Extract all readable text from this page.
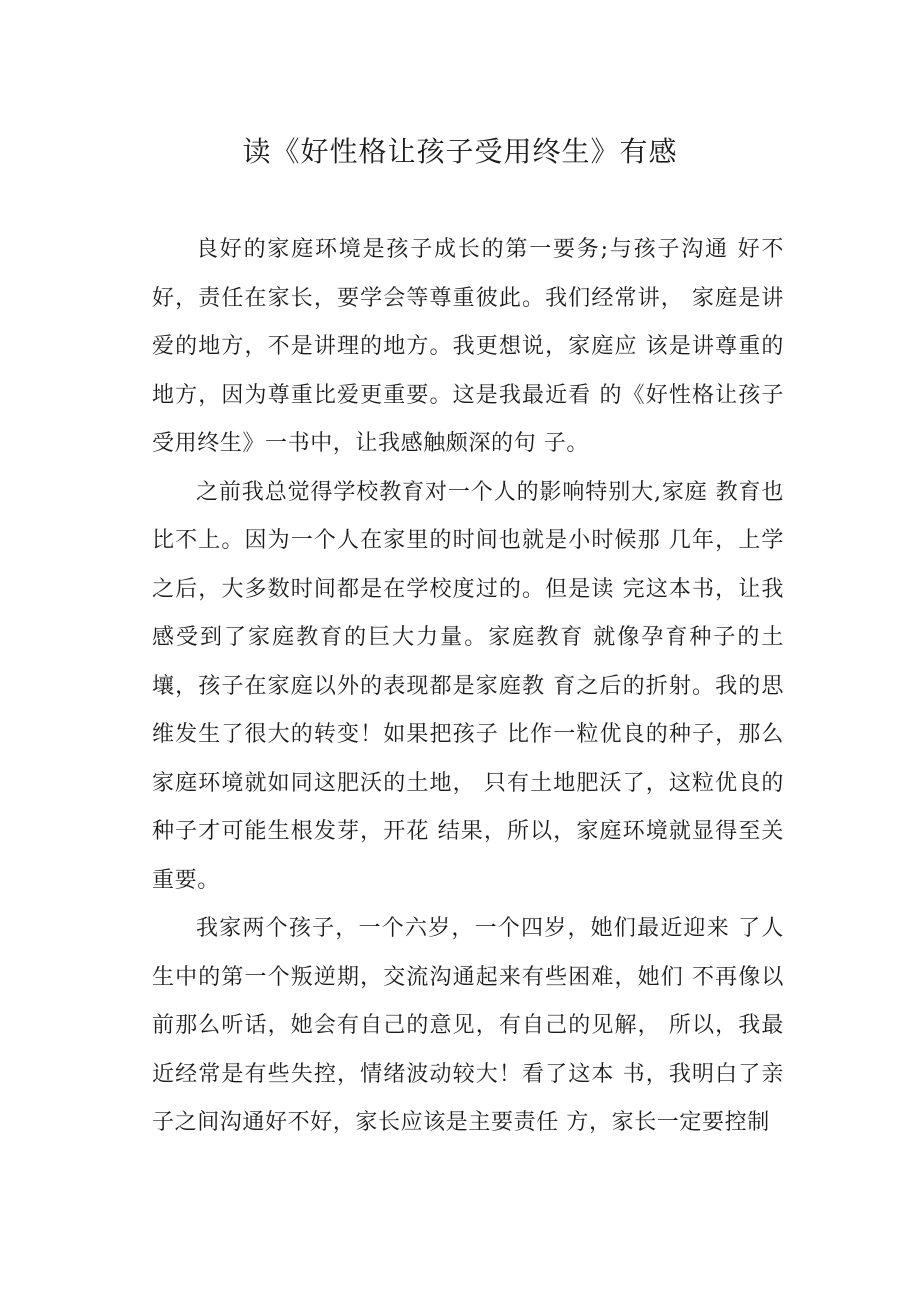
读《好性格让孩子受用终生》有感

良好的家庭环境是孩子成长的第一要务;与孩子沟通 好不好，责任在家长，要学会等尊重彼此。我们经常讲， 家庭是讲爱的地方，不是讲理的地方。我更想说，家庭应 该是讲尊重的地方，因为尊重比爱更重要。这是我最近看 的《好性格让孩子受用终生》一书中，让我感触颇深的句 子。

之前我总觉得学校教育对一个人的影响特别大,家庭 教育也比不上。因为一个人在家里的时间也就是小时候那 几年，上学之后，大多数时间都是在学校度过的。但是读 完这本书，让我感受到了家庭教育的巨大力量。家庭教育 就像孕育种子的土壤，孩子在家庭以外的表现都是家庭教 育之后的折射。我的思维发生了很大的转变！如果把孩子 比作一粒优良的种子，那么家庭环境就如同这肥沃的土地， 只有土地肥沃了，这粒优良的种子才可能生根发芽，开花 结果，所以，家庭环境就显得至关重要。

我家两个孩子，一个六岁，一个四岁，她们最近迎来 了人生中的第一个叛逆期，交流沟通起来有些困难，她们 不再像以前那么听话，她会有自己的意见，有自己的见解， 所以，我最近经常是有些失控，情绪波动较大！看了这本 书，我明白了亲子之间沟通好不好，家长应该是主要责任 方，家长一定要控制
